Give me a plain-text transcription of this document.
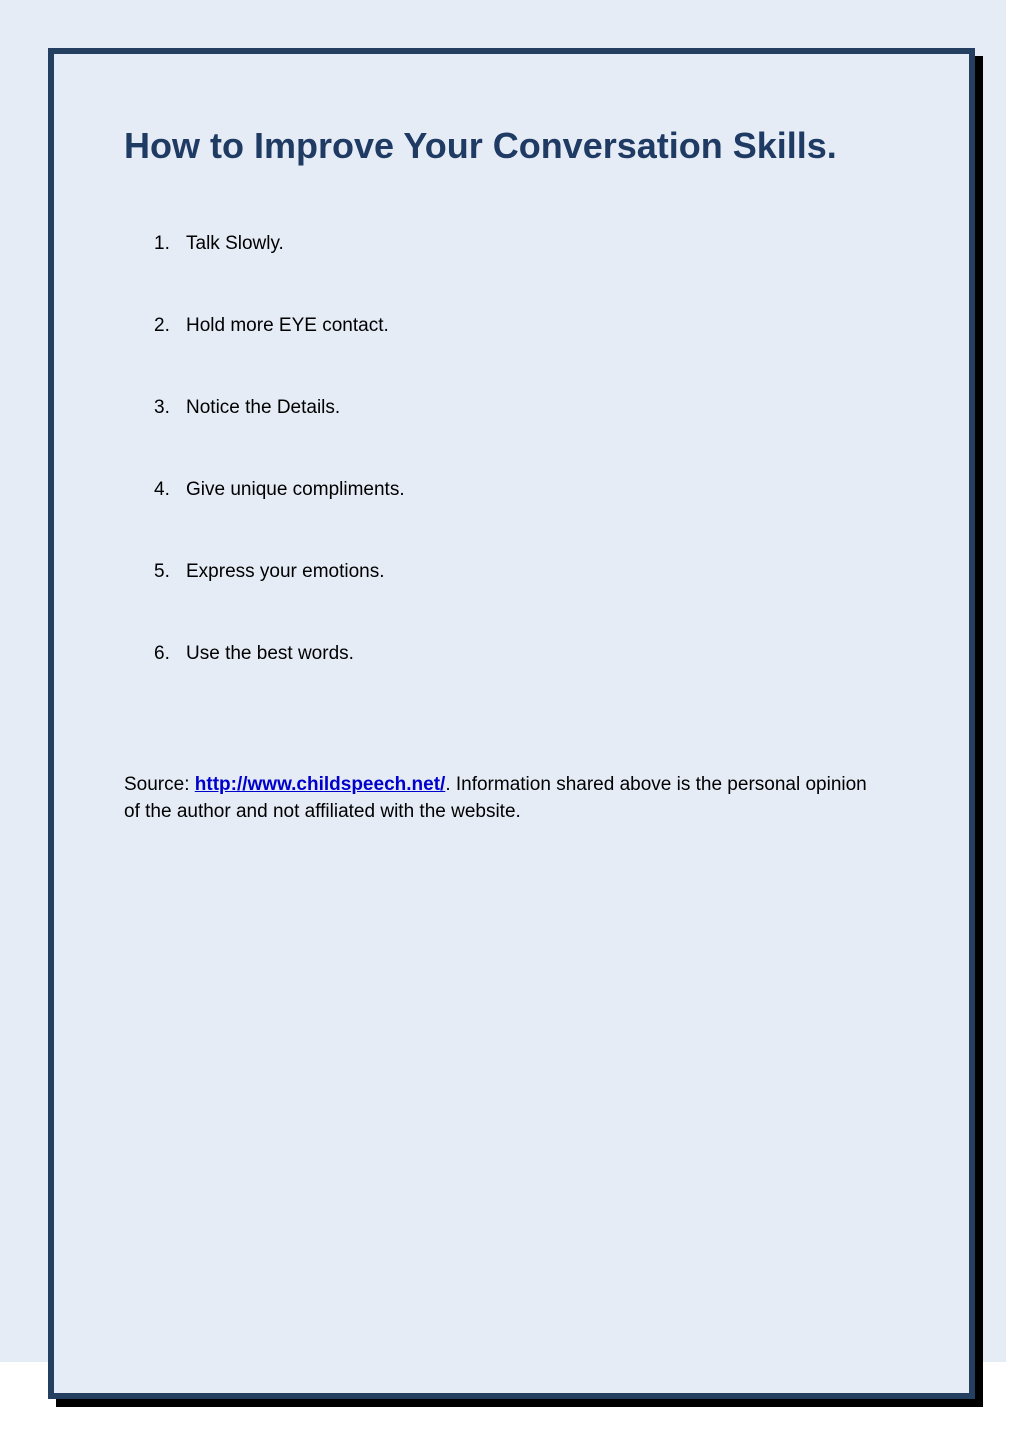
How to Improve Your Conversation Skills.
1. Talk Slowly.
2. Hold more EYE contact.
3. Notice the Details.
4. Give unique compliments.
5. Express your emotions.
6. Use the best words.

Source: http://www.childspeech.net/. Information shared above is the personal opinion of the author and not affiliated with the website.
